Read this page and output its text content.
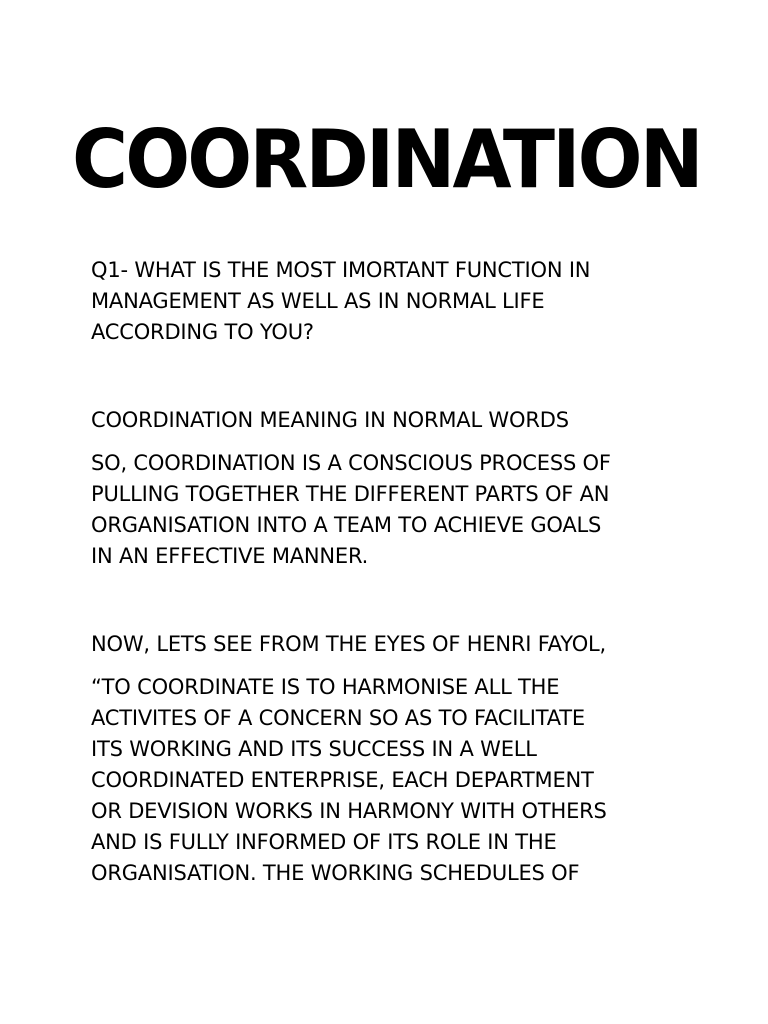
COORDINATION

Q1- WHAT IS THE MOST IMORTANT FUNCTION IN
MANAGEMENT AS WELL AS IN NORMAL LIFE
ACCORDING TO YOU?

COORDINATION MEANING IN NORMAL WORDS

SO, COORDINATION IS A CONSCIOUS PROCESS OF
PULLING TOGETHER THE DIFFERENT PARTS OF AN
ORGANISATION INTO A TEAM TO ACHIEVE GOALS
IN AN EFFECTIVE MANNER.

NOW, LETS SEE FROM THE EYES OF HENRI FAYOL,

“TO COORDINATE IS TO HARMONISE ALL THE
ACTIVITES OF A CONCERN SO AS TO FACILITATE
ITS WORKING AND ITS SUCCESS IN A WELL
COORDINATED ENTERPRISE, EACH DEPARTMENT
OR DEVISION WORKS IN HARMONY WITH OTHERS
AND IS FULLY INFORMED OF ITS ROLE IN THE
ORGANISATION. THE WORKING SCHEDULES OF
